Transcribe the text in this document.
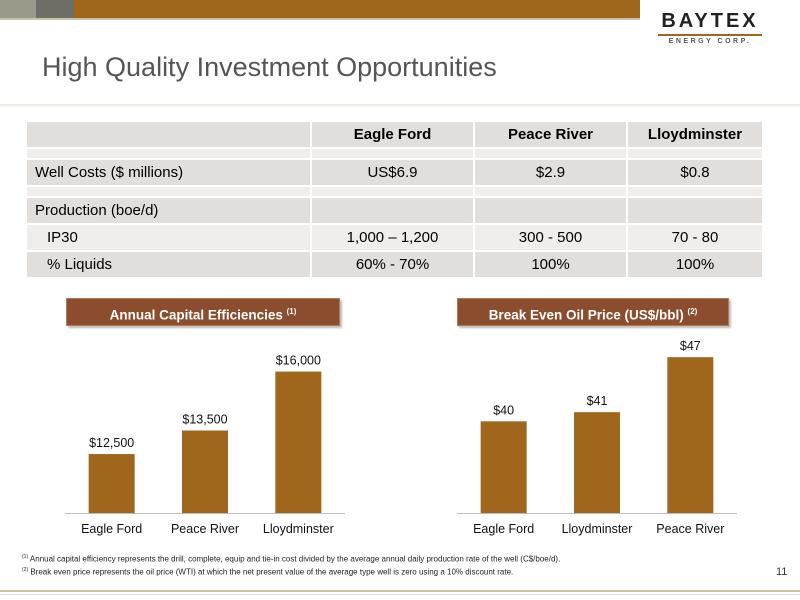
BAYTEX
ENERGY CORP.
High Quality Investment Opportunities
	Eagle Ford	Peace River	Lloydminster

Well Costs ($ millions)	US$6.9	$2.9	$0.8

Production (boe/d)			
IP30	1,000 – 1,200	300 - 500	70 - 80
% Liquids	60% - 70%	100%	100%
Annual Capital Efficiencies $^{(1)}$	Break Even Oil Price (US$/bbl) $^{(2)}$
$12,500
Eagle Ford
$13,500
Peace River
$16,000
Lloydminster
$40
Eagle Ford
$41
Lloydminster
$47
Peace River
$^{(1)}$ Annual capital efficiency represents the drill, complete, equip and tie-in cost divided by the average annual daily production rate of the well (C$/boe/d).
$^{(2)}$ Break even price represents the oil price (WTI) at which the net present value of the average type well is zero using a 10% discount rate.	11
